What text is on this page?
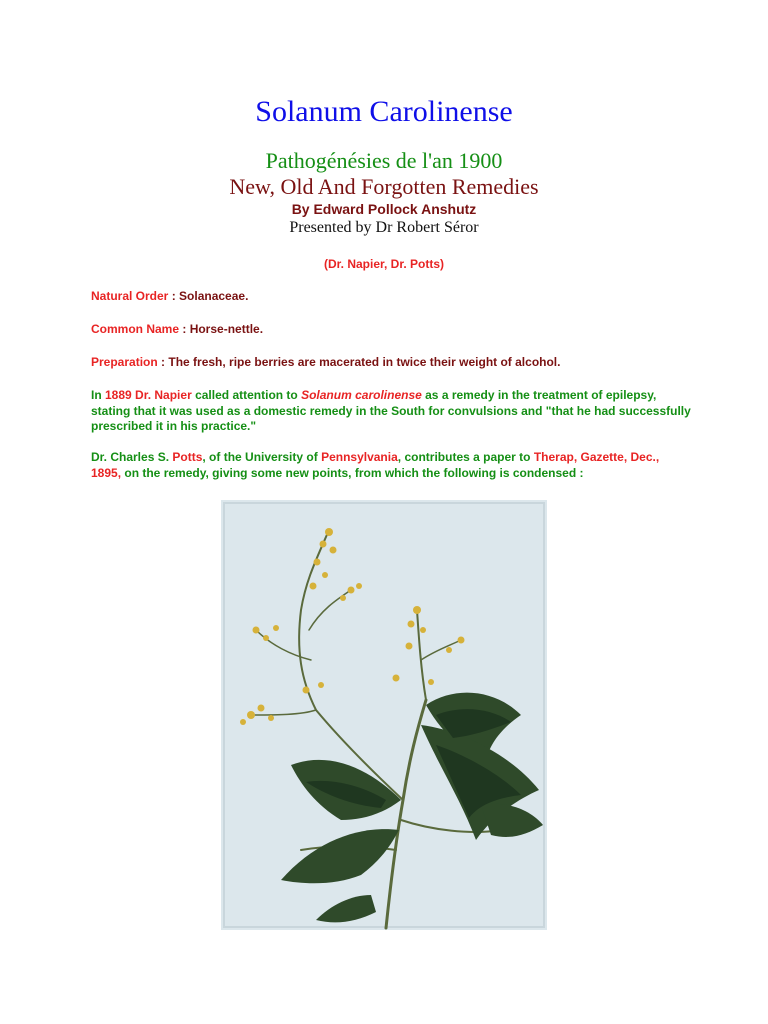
Solanum Carolinense
Pathogénésies de l'an 1900
New, Old And Forgotten Remedies
By Edward Pollock Anshutz
Presented by Dr Robert Séror
(Dr. Napier, Dr. Potts)
Natural Order : Solanaceae.
Common Name : Horse-nettle.
Preparation : The fresh, ripe berries are macerated in twice their weight of alcohol.
In 1889 Dr. Napier called attention to Solanum carolinense as a remedy in the treatment of epilepsy, stating that it was used as a domestic remedy in the South for convulsions and "that he had successfully prescribed it in his practice."
Dr. Charles S. Potts, of the University of Pennsylvania, contributes a paper to Therap, Gazette, Dec., 1895, on the remedy, giving some new points, from which the following is condensed :
